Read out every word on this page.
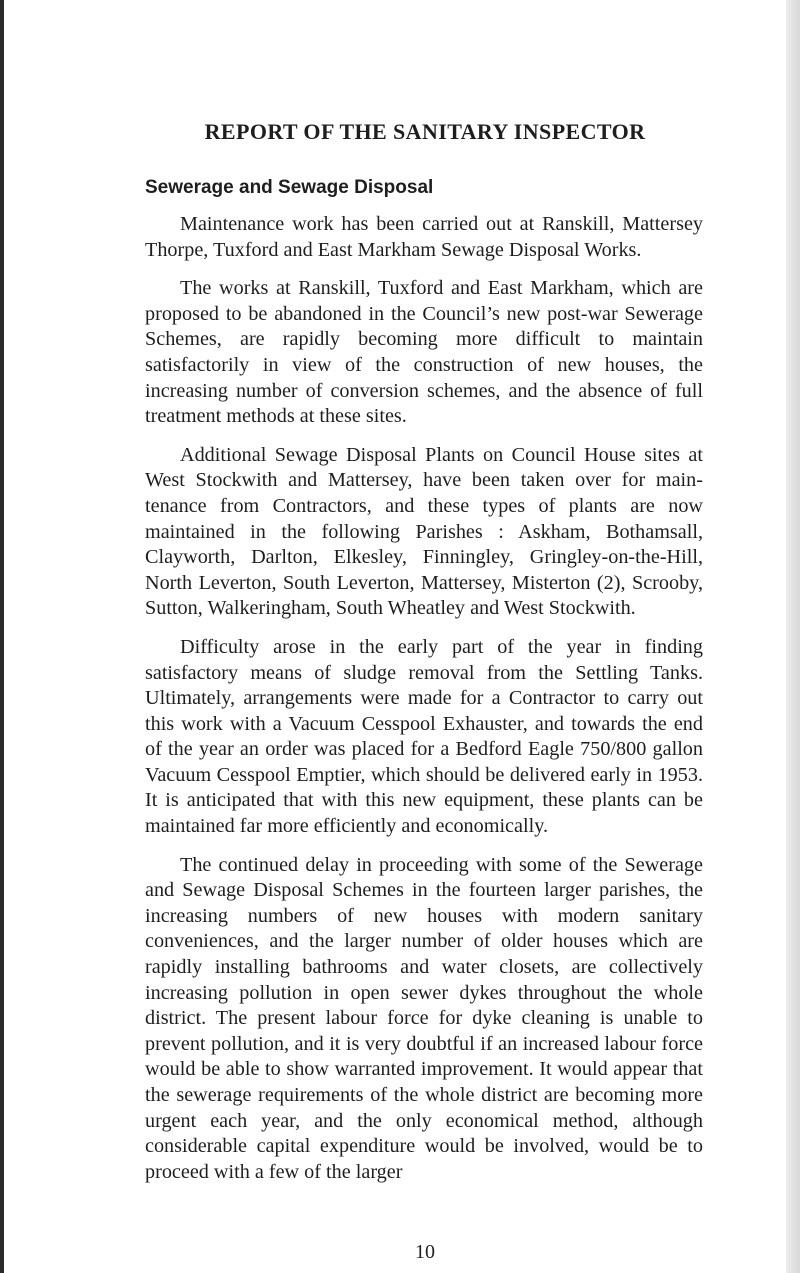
REPORT OF THE SANITARY INSPECTOR
Sewerage and Sewage Disposal

Maintenance work has been carried out at Ranskill, Mattersey Thorpe, Tuxford and East Markham Sewage Disposal Works.

The works at Ranskill, Tuxford and East Markham, which are proposed to be abandoned in the Council’s new post-war Sewerage Schemes, are rapidly becoming more difficult to maintain satisfactorily in view of the construction of new houses, the increasing number of conversion schemes, and the absence of full treatment methods at these sites.

Additional Sewage Disposal Plants on Council House sites at West Stockwith and Mattersey, have been taken over for maintenance from Contractors, and these types of plants are now maintained in the following Parishes : Askham, Bothamsall, Clayworth, Darlton, Elkesley, Finningley, Gringley-on-the-Hill, North Leverton, South Leverton, Mattersey, Misterton (2), Scrooby, Sutton, Walkeringham, South Wheatley and West Stockwith.

Difficulty arose in the early part of the year in finding satisfactory means of sludge removal from the Settling Tanks. Ultimately, arrangements were made for a Contractor to carry out this work with a Vacuum Cesspool Exhauster, and towards the end of the year an order was placed for a Bedford Eagle 750/800 gallon Vacuum Cesspool Emptier, which should be delivered early in 1953. It is anticipated that with this new equipment, these plants can be maintained far more efficiently and economically.

The continued delay in proceeding with some of the Sewerage and Sewage Disposal Schemes in the fourteen larger parishes, the increasing numbers of new houses with modern sanitary conveniences, and the larger number of older houses which are rapidly installing bathrooms and water closets, are collectively increasing pollution in open sewer dykes throughout the whole district. The present labour force for dyke cleaning is unable to prevent pollution, and it is very doubtful if an increased labour force would be able to show warranted improvement. It would appear that the sewerage requirements of the whole district are becoming more urgent each year, and the only economical method, although considerable capital expenditure would be involved, would be to proceed with a few of the larger

10
